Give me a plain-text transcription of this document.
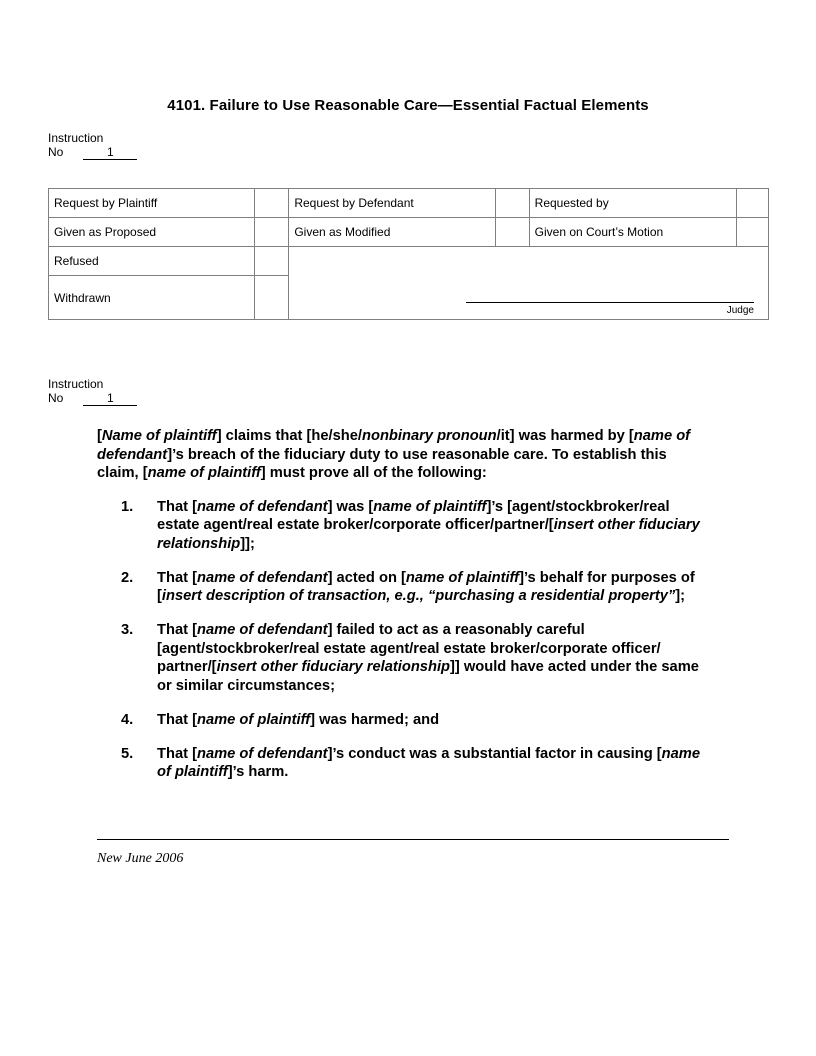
4101. Failure to Use Reasonable Care—Essential Factual Elements
Instruction
No	1
Request by Plaintiff		Request by Defendant		Requested by	
Given as Proposed		Given as Modified		Given on Court’s Motion	
Refused		Judge			

Withdrawn					
Instruction
No	1

[Name of plaintiff] claims that [he/she/nonbinary pronoun/it] was harmed by [name of defendant]’s breach of the fiduciary duty to use reasonable care. To establish this claim, [name of plaintiff] must prove all of the following:

1. That [name of defendant] was [name of plaintiff]’s [agent/stockbroker/real estate agent/real estate broker/corporate officer/partner/[insert other fiduciary relationship]];
2. That [name of defendant] acted on [name of plaintiff]’s behalf for purposes of [insert description of transaction, e.g., “purchasing a residential property”];
3. That [name of defendant] failed to act as a reasonably careful [agent/stockbroker/real estate agent/real estate broker/corporate officer/ partner/[insert other fiduciary relationship]] would have acted under the same or similar circumstances;
4. That [name of plaintiff] was harmed; and
5. That [name of defendant]’s conduct was a substantial factor in causing [name of plaintiff]’s harm.
New June 2006
